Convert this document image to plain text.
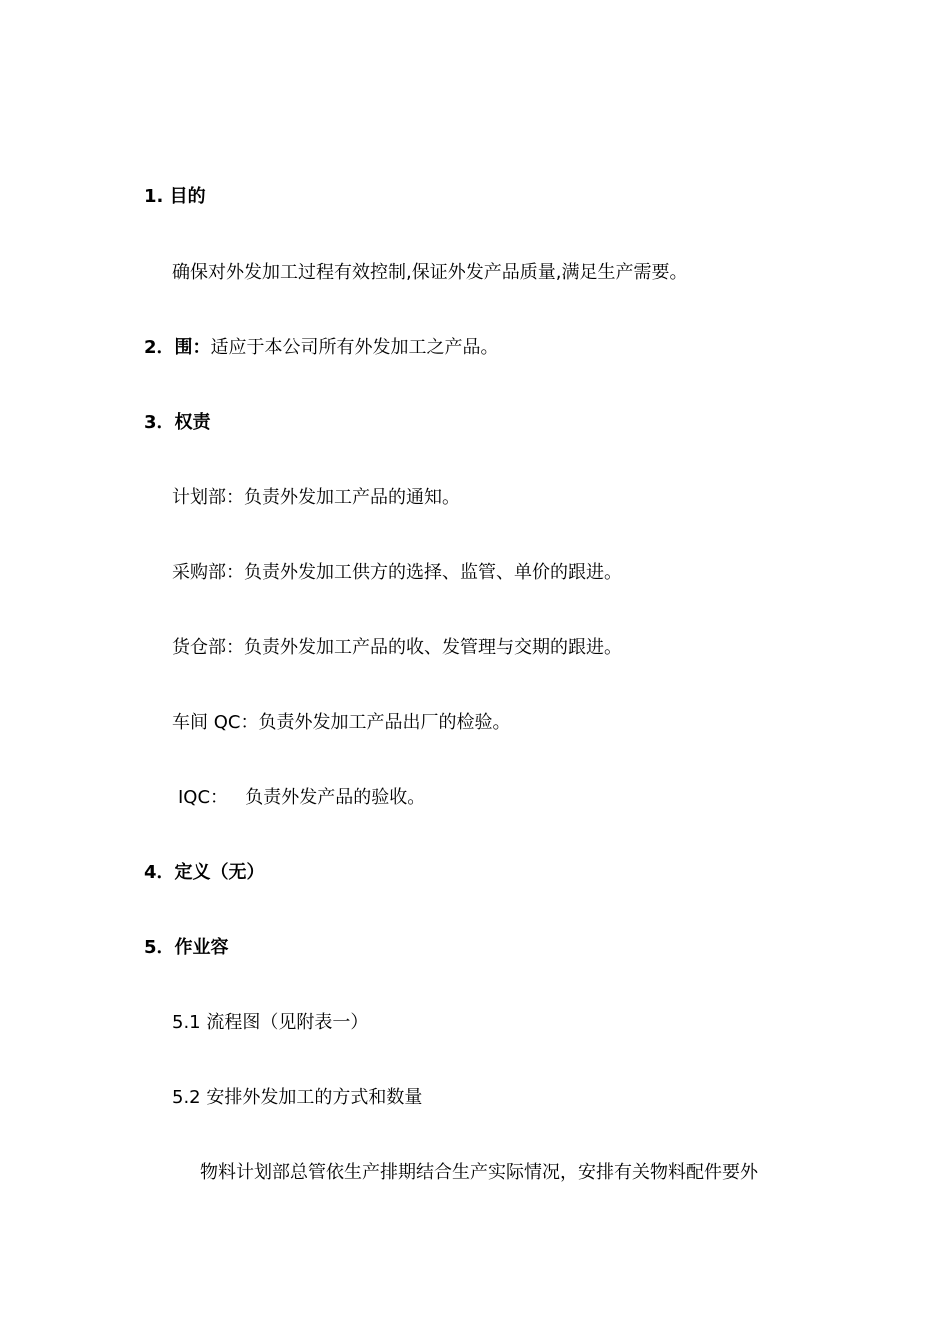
1. 目的
确保对外发加工过程有效控制,保证外发产品质量,满足生产需要。
2．围：适应于本公司所有外发加工之产品。
3．权责
计划部：负责外发加工产品的通知。
采购部：负责外发加工供方的选择、监管、单价的跟进。
货仓部：负责外发加工产品的收、发管理与交期的跟进。
车间 QC：负责外发加工产品出厂的检验。
IQC：   负责外发产品的验收。
4．定义（无）
5．作业容
5.1 流程图（见附表一）
5.2 安排外发加工的方式和数量
物料计划部总管依生产排期结合生产实际情况，安排有关物料配件要外
